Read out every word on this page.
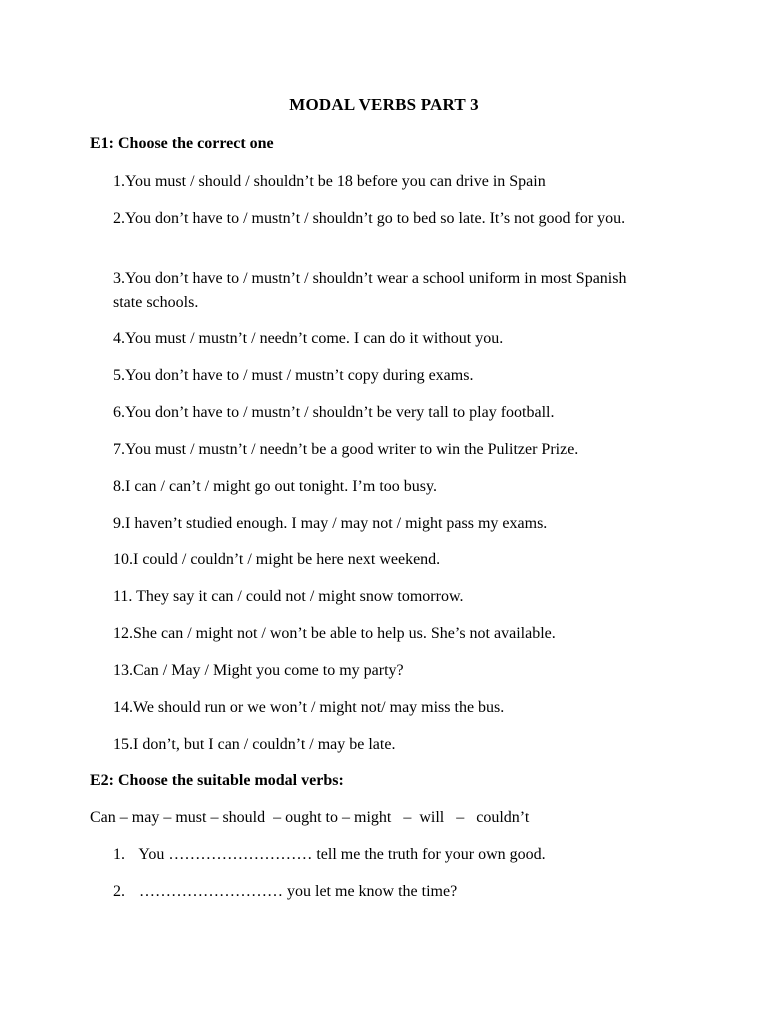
MODAL VERBS PART 3
E1: Choose the correct one
1.You must / should / shouldn’t be 18 before you can drive in Spain
2.You don’t have to / mustn’t / shouldn’t go to bed so late. It’s not good for you.
3.You don’t have to / mustn’t / shouldn’t wear a school uniform in most Spanish state schools.
4.You must / mustn’t / needn’t come. I can do it without you.
5.You don’t have to / must / mustn’t copy during exams.
6.You don’t have to / mustn’t / shouldn’t be very tall to play football.
7.You must / mustn’t / needn’t be a good writer to win the Pulitzer Prize.
8.I can / can’t / might go out tonight. I’m too busy.
9.I haven’t studied enough. I may / may not / might pass my exams.
10.I could / couldn’t / might be here next weekend.
11. They say it can / could not / might snow tomorrow.
12.She can / might not / won’t be able to help us. She’s not available.
13.Can / May / Might you come to my party?
14.We should run or we won’t / might not/ may miss the bus.
15.I don’t, but I can / couldn’t / may be late.
E2: Choose the suitable modal verbs:
Can – may – must – should  – ought to – might   –  will   –   couldn’t
1. You ……………………… tell me the truth for your own good.
2. ……………………… you let me know the time?
